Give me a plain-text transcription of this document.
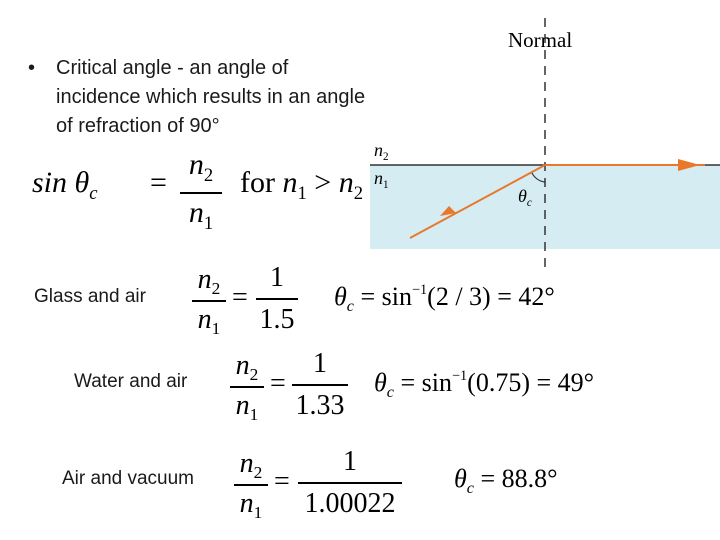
• Critical angle - an angle of incidence which results in an angle of refraction of 90°
$\sin \theta_c$ =
$n_2$
$n_1$
for $n_1 > n_2$
Normal
$n_2$
$n_1$
$\theta_c$
Glass and air
$n_2$
$n_1$
=
1
1.5
$\theta_c = \sin^{-1}(2 / 3) = 42^\circ$
Water and air
$n_2$
$n_1$
=
1
1.33
$\theta_c = \sin^{-1}(0.75) = 49^\circ$
Air and vacuum $n_2$
$n_1$
=
1
1.00022
$\theta_c = 88.8^\circ$
